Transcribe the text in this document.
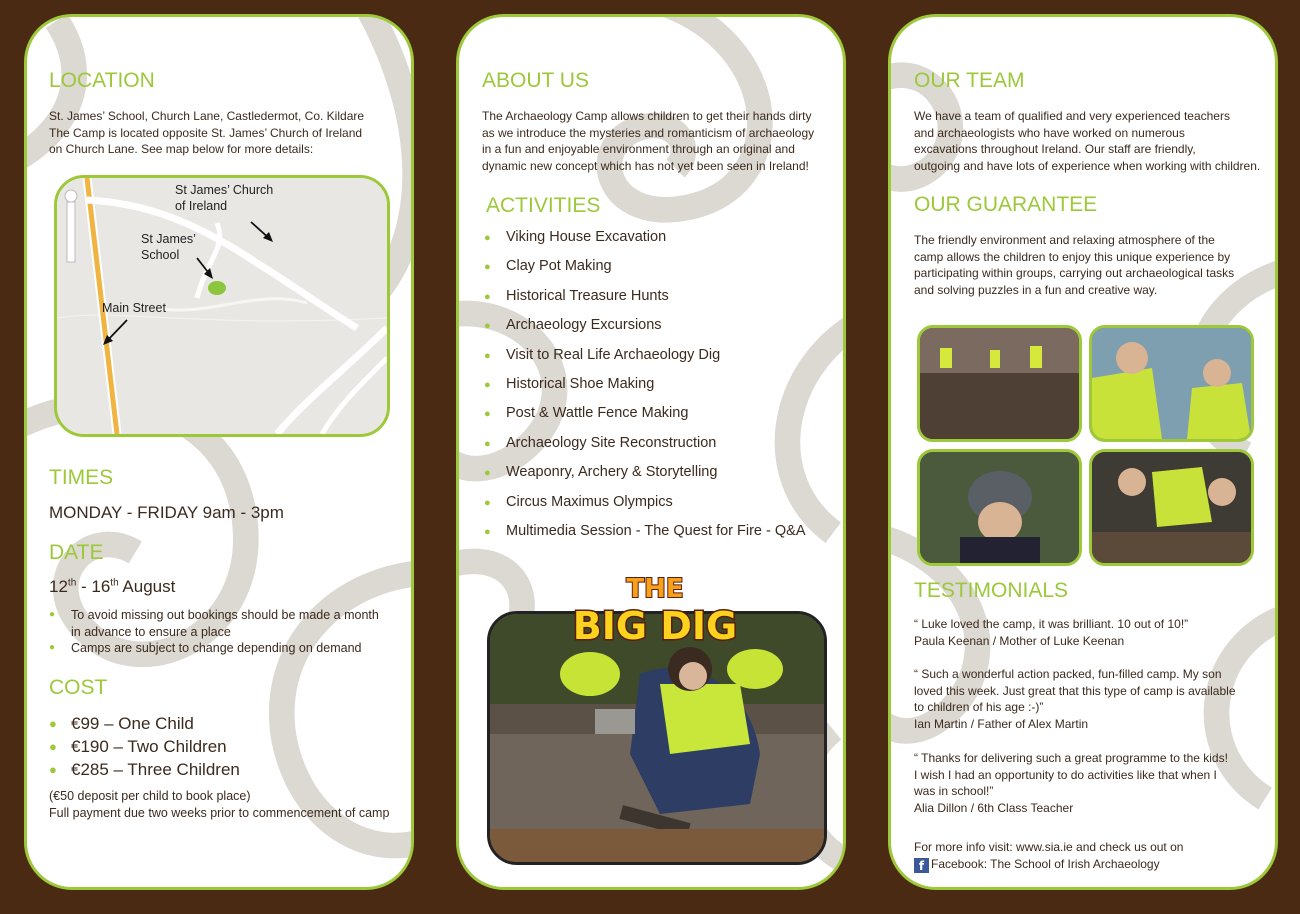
LOCATION
St. James’ School, Church Lane, Castledermot, Co. Kildare
The Camp is located opposite St. James’ Church of Ireland
on Church Lane. See map below for more details:
St James’ Church
of Ireland
St James’
School
Main Street
TIMES
MONDAY - FRIDAY 9am - 3pm
DATE
12th - 16th August
● To avoid missing out bookings should be made a month
in advance to ensure a place
● Camps are subject to change depending on demand
COST
● €99 – One Child
● €190 – Two Children
● €285 – Three Children
(€50 deposit per child to book place)
Full payment due two weeks prior to commencement of camp
ABOUT US
The Archaeology Camp allows children to get their hands dirty
as we introduce the mysteries and romanticism of archaeology
in a fun and enjoyable environment through an original and
dynamic new concept which has not yet been seen in Ireland!
ACTIVITIES
● Viking House Excavation
● Clay Pot Making
● Historical Treasure Hunts
● Archaeology Excursions
● Visit to Real Life Archaeology Dig
● Historical Shoe Making
● Post & Wattle Fence Making
● Archaeology Site Reconstruction
● Weaponry, Archery & Storytelling
● Circus Maximus Olympics
● Multimedia Session - The Quest for Fire - Q&A
THE
BIG DIG
OUR TEAM
We have a team of qualified and very experienced teachers
and archaeologists who have worked on numerous
excavations throughout Ireland. Our staff are friendly,
outgoing and have lots of experience when working with children.
OUR GUARANTEE
The friendly environment and relaxing atmosphere of the
camp allows the children to enjoy this unique experience by
participating within groups, carrying out archaeological tasks
and solving puzzles in a fun and creative way.
TESTIMONIALS
“ Luke loved the camp, it was brilliant. 10 out of 10!”
Paula Keenan / Mother of Luke Keenan
“ Such a wonderful action packed, fun-filled camp. My son
loved this week. Just great that this type of camp is available
to children of his age :-)”
Ian Martin / Father of Alex Martin
“ Thanks for delivering such a great programme to the kids!
I wish I had an opportunity to do activities like that when I
was in school!”
Alia Dillon / 6th Class Teacher
For more info visit: www.sia.ie and check us out on
f Facebook: The School of Irish Archaeology
